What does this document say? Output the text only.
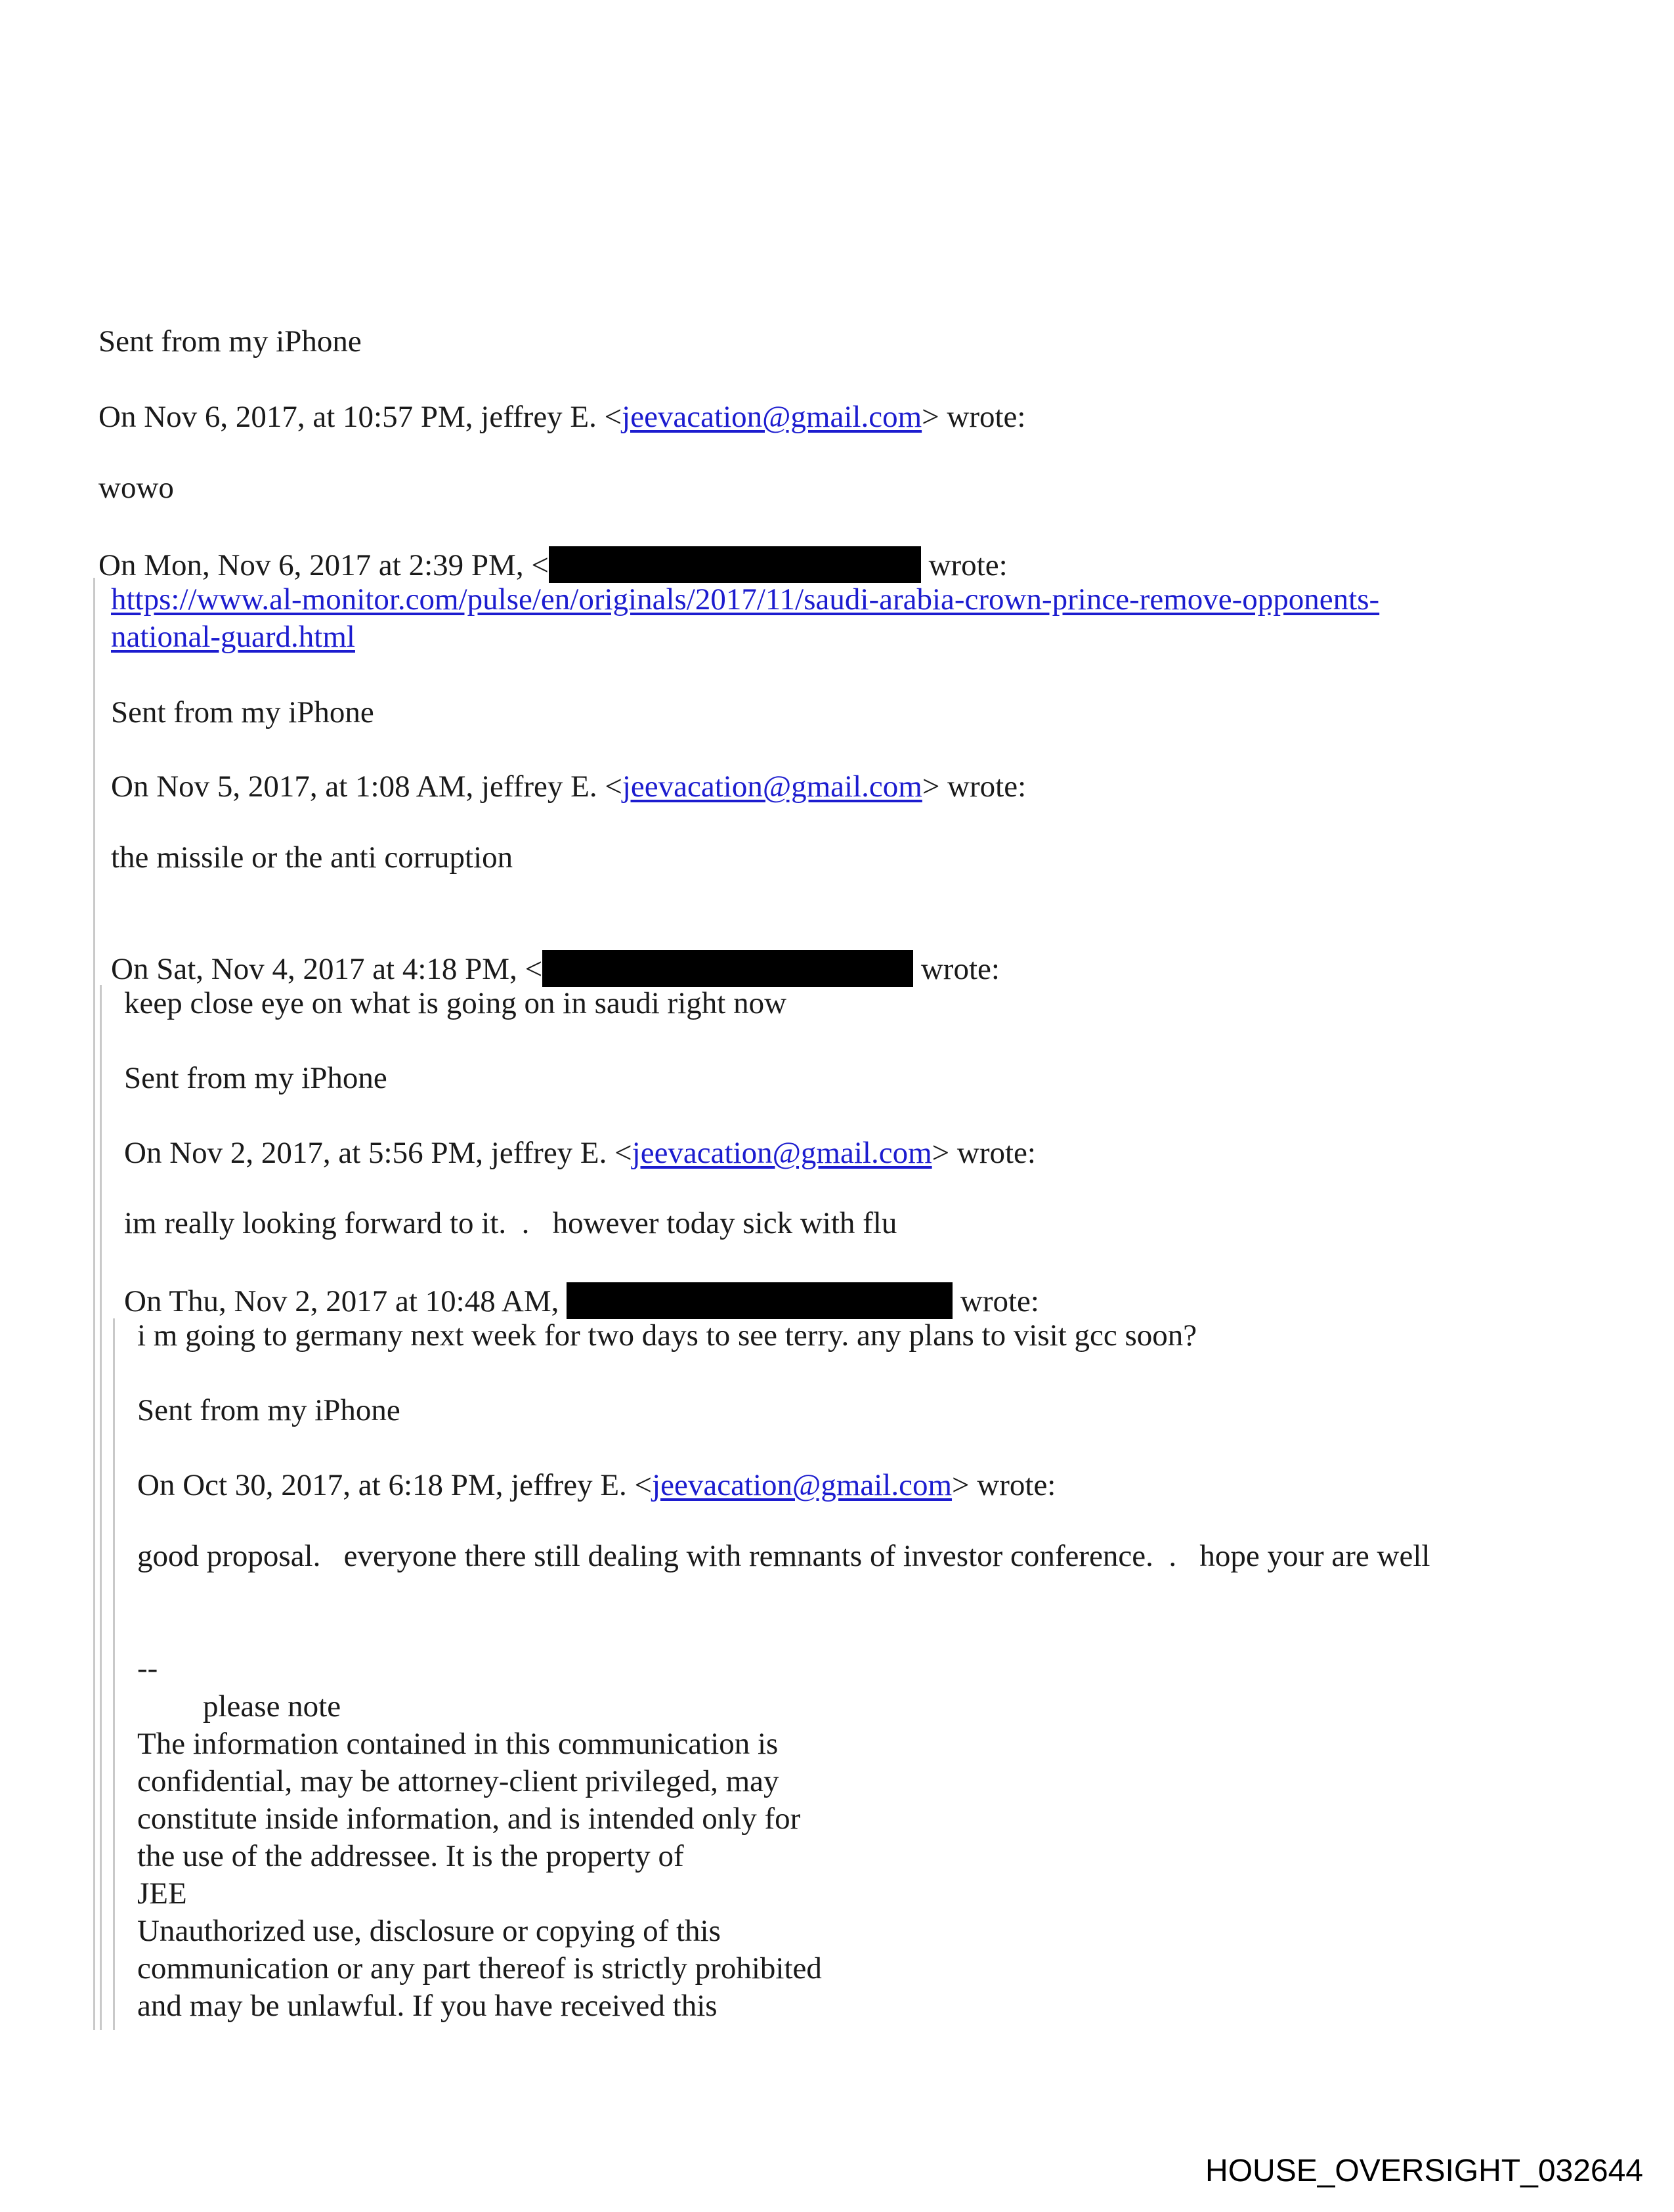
Sent from my iPhone
On Nov 6, 2017, at 10:57 PM, jeffrey E. <jeevacation@gmail.com> wrote:
wowo
On Mon, Nov 6, 2017 at 2:39 PM, <	wrote:
https://www.al-monitor.com/pulse/en/originals/2017/11/saudi-arabia-crown-prince-remove-opponents-
national-guard.html
Sent from my iPhone
On Nov 5, 2017, at 1:08 AM, jeffrey E. <jeevacation@gmail.com> wrote:
the missile or the anti corruption
On Sat, Nov 4, 2017 at 4:18 PM, <	wrote:
keep close eye on what is going on in saudi right now
Sent from my iPhone
On Nov 2, 2017, at 5:56 PM, jeffrey E. <jeevacation@gmail.com> wrote:
im really looking forward to it.  .   however today sick with flu
On Thu, Nov 2, 2017 at 10:48 AM,	wrote:
i m going to germany next week for two days to see terry. any plans to visit gcc soon?
Sent from my iPhone
On Oct 30, 2017, at 6:18 PM, jeffrey E. <jeevacation@gmail.com> wrote:
good proposal.   everyone there still dealing with remnants of investor conference.  .   hope your are well
--
please note
The information contained in this communication is
confidential, may be attorney-client privileged, may
constitute inside information, and is intended only for
the use of the addressee. It is the property of
JEE
Unauthorized use, disclosure or copying of this
communication or any part thereof is strictly prohibited
and may be unlawful. If you have received this
HOUSE_OVERSIGHT_032644
